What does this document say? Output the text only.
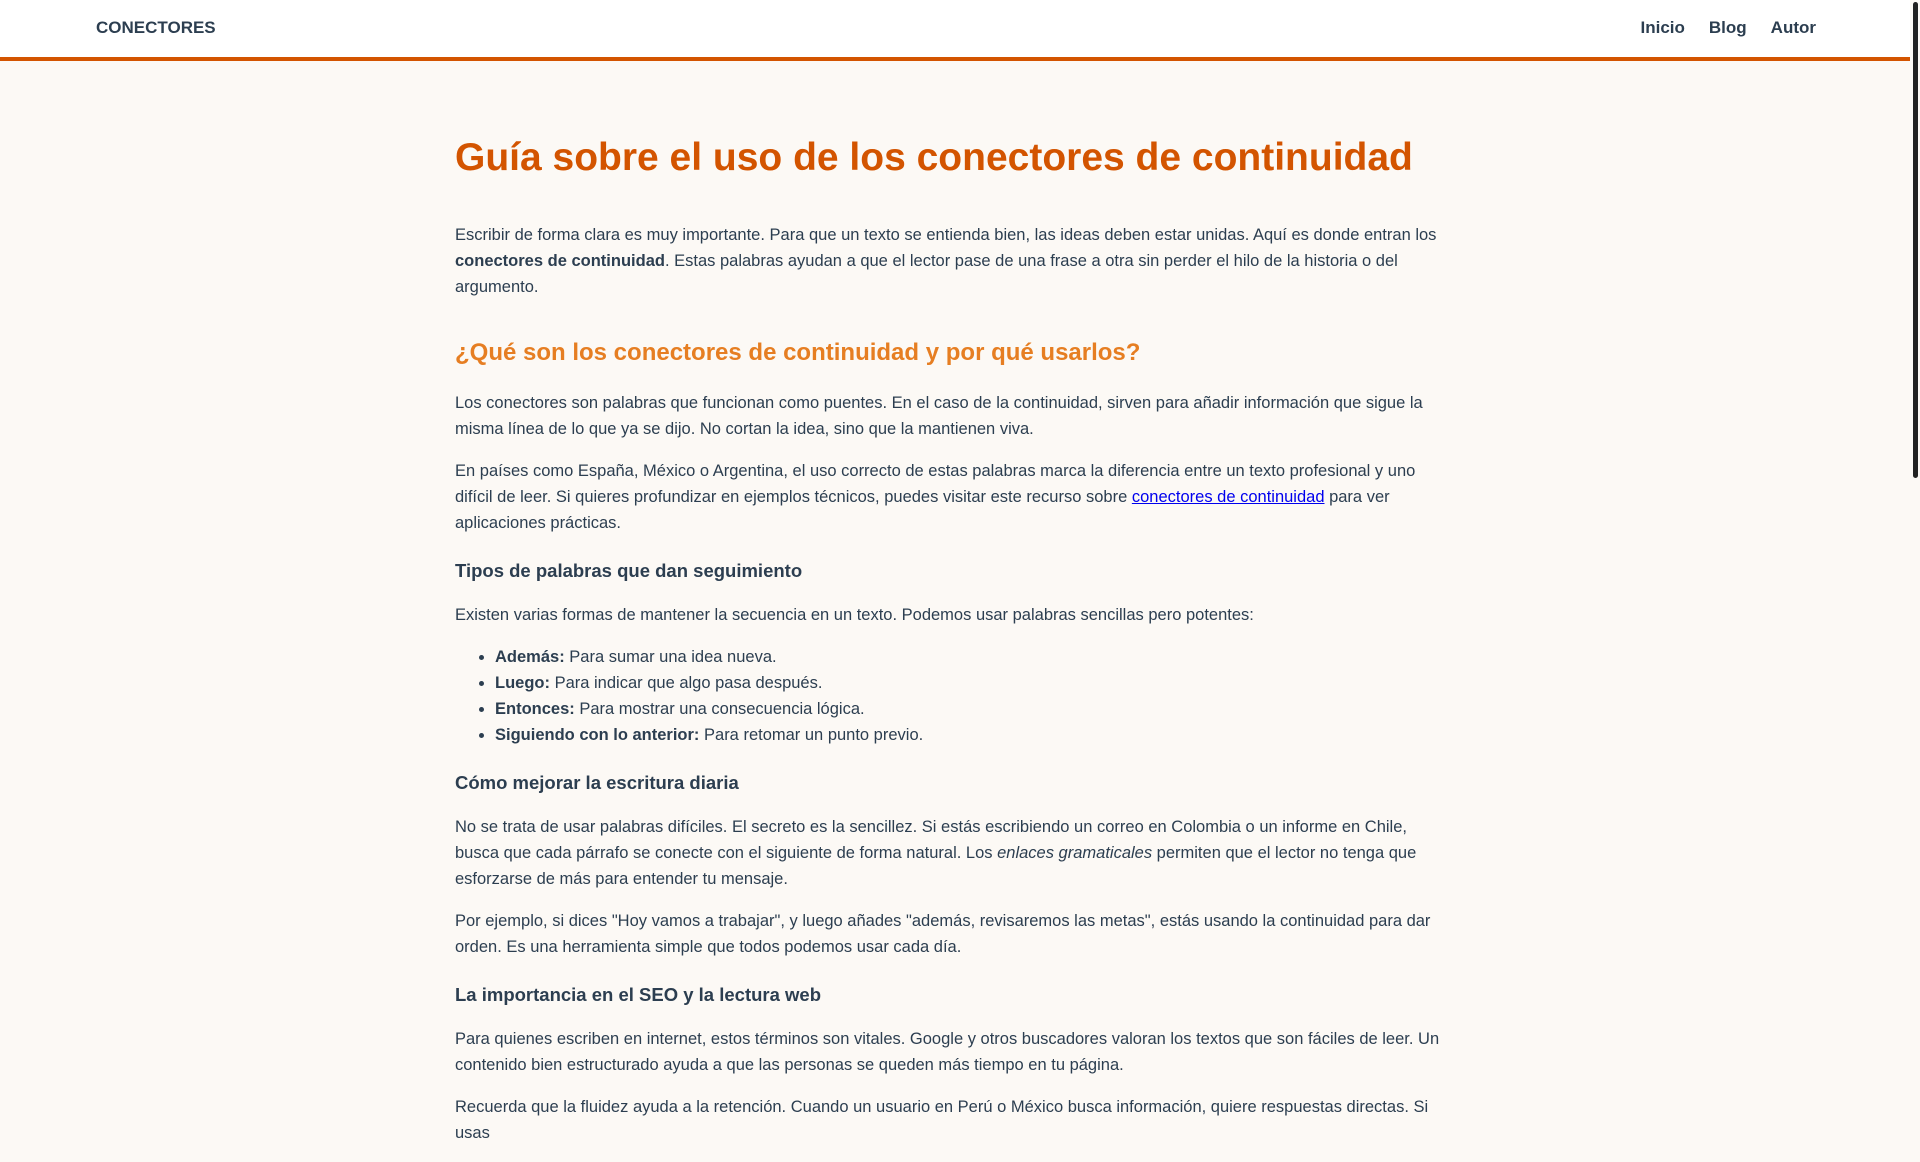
CONECTORES	Inicio Blog Autor
Guía sobre el uso de los conectores de continuidad

Escribir de forma clara es muy importante. Para que un texto se entienda bien, las ideas deben estar unidas. Aquí es donde entran los conectores de continuidad. Estas palabras ayudan a que el lector pase de una frase a otra sin perder el hilo de la historia o del argumento.

¿Qué son los conectores de continuidad y por qué usarlos?

Los conectores son palabras que funcionan como puentes. En el caso de la continuidad, sirven para añadir información que sigue la misma línea de lo que ya se dijo. No cortan la idea, sino que la mantienen viva.

En países como España, México o Argentina, el uso correcto de estas palabras marca la diferencia entre un texto profesional y uno difícil de leer. Si quieres profundizar en ejemplos técnicos, puedes visitar este recurso sobre conectores de continuidad para ver aplicaciones prácticas.

Tipos de palabras que dan seguimiento

Existen varias formas de mantener la secuencia en un texto. Podemos usar palabras sencillas pero potentes:

• Además: Para sumar una idea nueva.
• Luego: Para indicar que algo pasa después.
• Entonces: Para mostrar una consecuencia lógica.
• Siguiendo con lo anterior: Para retomar un punto previo.
Cómo mejorar la escritura diaria

No se trata de usar palabras difíciles. El secreto es la sencillez. Si estás escribiendo un correo en Colombia o un informe en Chile, busca que cada párrafo se conecte con el siguiente de forma natural. Los enlaces gramaticales permiten que el lector no tenga que esforzarse de más para entender tu mensaje.

Por ejemplo, si dices "Hoy vamos a trabajar", y luego añades "además, revisaremos las metas", estás usando la continuidad para dar orden. Es una herramienta simple que todos podemos usar cada día.

La importancia en el SEO y la lectura web

Para quienes escriben en internet, estos términos son vitales. Google y otros buscadores valoran los textos que son fáciles de leer. Un contenido bien estructurado ayuda a que las personas se queden más tiempo en tu página.

Recuerda que la fluidez ayuda a la retención. Cuando un usuario en Perú o México busca información, quiere respuestas directas. Si usas
